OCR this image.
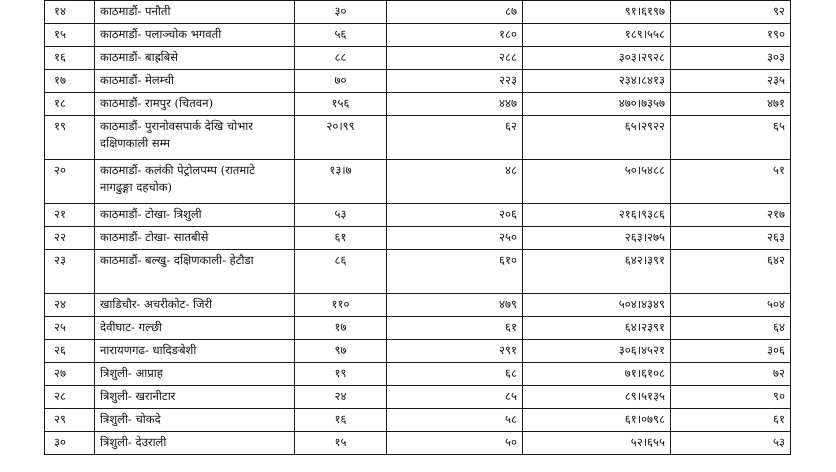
१४	काठमाडौं- पनौती	३०	८७	९१।६१९७	९२
१५	काठमाडौं- पलाञ्चोक भगवती	५६	१८०	१८९।५५८	१९०
१६	काठमाडौं- बाह्रबिसे	८८	२८८	३०३।२९२८	३०३
१७	काठमाडौं- मेलम्ची	७०	२२३	२३४।८४१३	२३५
१८	काठमाडौं- रामपुर (चितवन)	१५६	४४७	४७०।७३५७	४७१
१९	काठमाडौं- पुरानोवसपार्क देखि चोभार दक्षिणकाली सम्म	२०।९९	६२	६५।२९२२	६५
२०	काठमाडौं- कलंकी पेट्रोलपम्प (रातमाटे नागढुङ्गा दहचोक)	१३।७	४८	५०।५४८८	५१
२१	काठमाडौं- टोखा- त्रिशुली	५३	२०६	२१६।९३८६	२१७
२२	काठमाडौं- टोखा- सातबीसे	६१	२५०	२६३।२७५	२६३
२३	काठमाडौं- बल्खु- दक्षिणकाली- हेटौडा	८६	६१०	६४२।३९१	६४२
२४	खाडिचौर- अचरीकोट- जिरी	११०	४७९	५०४।४३४९	५०४
२५	देवीघाट- गल्छी	१७	६१	६४।२३९१	६४
२६	नारायणगढ- धादिङबेशी	९७	२९१	३०६।४५२१	३०६
२७	त्रिशुली- आप्राह	१९	६८	७१।६१०८	७२
२८	त्रिशुली- खरानीटार	२४	८५	८९।५१३५	९०
२९	त्रिशुली- चोकदे	१६	५८	६१।०७९८	६१
३०	त्रिशुली- देउराली	१५	५०	५२।६५५	५३
